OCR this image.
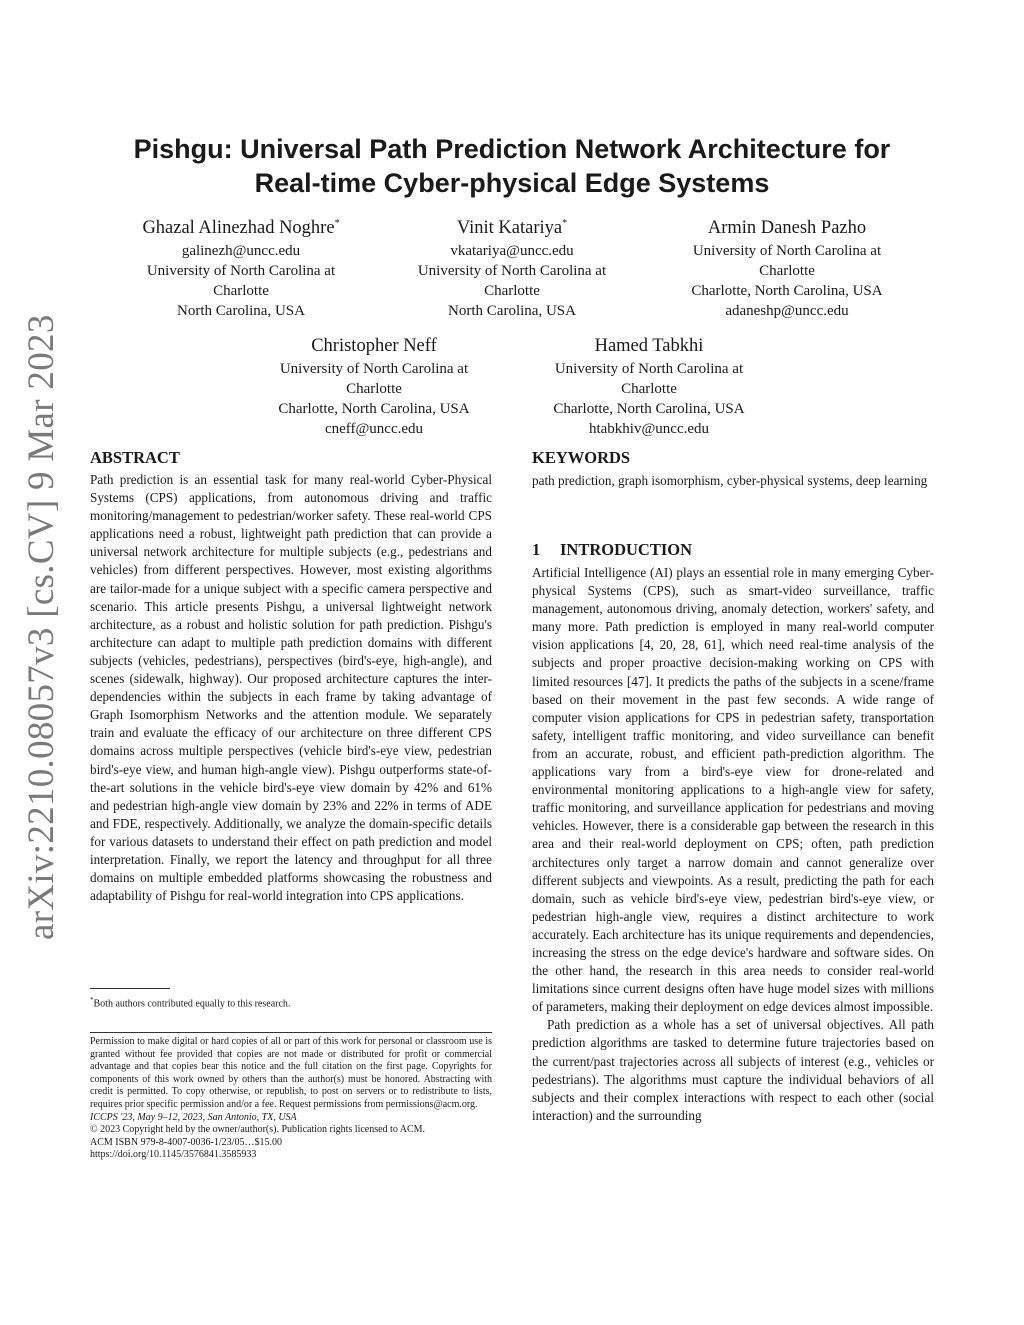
Pishgu: Universal Path Prediction Network Architecture for
Real-time Cyber-physical Edge Systems
Ghazal Alinezhad Noghre*
galinezh@uncc.edu
University of North Carolina at
Charlotte
North Carolina, USA
Vinit Katariya*
vkatariya@uncc.edu
University of North Carolina at
Charlotte
North Carolina, USA
Armin Danesh Pazho
University of North Carolina at
Charlotte
Charlotte, North Carolina, USA
adaneshp@uncc.edu
Christopher Neff
University of North Carolina at
Charlotte
Charlotte, North Carolina, USA
cneff@uncc.edu
Hamed Tabkhi
University of North Carolina at
Charlotte
Charlotte, North Carolina, USA
htabkhiv@uncc.edu
arXiv:2210.08057v3 [cs.CV] 9 Mar 2023	ABSTRACT

Path prediction is an essential task for many real-world Cyber-Physical Systems (CPS) applications, from autonomous driving and traffic monitoring/management to pedestrian/worker safety. These real-world CPS applications need a robust, lightweight path prediction that can provide a universal network architecture for multiple subjects (e.g., pedestrians and vehicles) from different perspectives. However, most existing algorithms are tailor-made for a unique subject with a specific camera perspective and scenario. This article presents Pishgu, a universal lightweight network architecture, as a robust and holistic solution for path prediction. Pishgu's architecture can adapt to multiple path prediction domains with different subjects (vehicles, pedestrians), perspectives (bird's-eye, high-angle), and scenes (sidewalk, highway). Our proposed architecture captures the inter-dependencies within the subjects in each frame by taking advantage of Graph Isomorphism Networks and the attention module. We separately train and evaluate the efficacy of our architecture on three different CPS domains across multiple perspectives (vehicle bird's-eye view, pedestrian bird's-eye view, and human high-angle view). Pishgu outperforms state-of-the-art solutions in the vehicle bird's-eye view domain by 42% and 61% and pedestrian high-angle view domain by 23% and 22% in terms of ADE and FDE, respectively. Additionally, we analyze the domain-specific details for various datasets to understand their effect on path prediction and model interpretation. Finally, we report the latency and throughput for all three domains on multiple embedded platforms showcasing the robustness and adaptability of Pishgu for real-world integration into CPS applications.

*Both authors contributed equally to this research.

Permission to make digital or hard copies of all or part of this work for personal or classroom use is granted without fee provided that copies are not made or distributed for profit or commercial advantage and that copies bear this notice and the full citation on the first page. Copyrights for components of this work owned by others than the author(s) must be honored. Abstracting with credit is permitted. To copy otherwise, or republish, to post on servers or to redistribute to lists, requires prior specific permission and/or a fee. Request permissions from permissions@acm.org.

ICCPS '23, May 9–12, 2023, San Antonio, TX, USA

© 2023 Copyright held by the owner/author(s). Publication rights licensed to ACM.

ACM ISBN 979-8-4007-0036-1/23/05…$15.00

https://doi.org/10.1145/3576841.3585933

KEYWORDS

path prediction, graph isomorphism, cyber-physical systems, deep learning

1 INTRODUCTION

Artificial Intelligence (AI) plays an essential role in many emerging Cyber-physical Systems (CPS), such as smart-video surveillance, traffic management, autonomous driving, anomaly detection, workers' safety, and many more. Path prediction is employed in many real-world computer vision applications [4, 20, 28, 61], which need real-time analysis of the subjects and proper proactive decision-making working on CPS with limited resources [47]. It predicts the paths of the subjects in a scene/frame based on their movement in the past few seconds. A wide range of computer vision applications for CPS in pedestrian safety, transportation safety, intelligent traffic monitoring, and video surveillance can benefit from an accurate, robust, and efficient path-prediction algorithm. The applications vary from a bird's-eye view for drone-related and environmental monitoring applications to a high-angle view for safety, traffic monitoring, and surveillance application for pedestrians and moving vehicles. However, there is a considerable gap between the research in this area and their real-world deployment on CPS; often, path prediction architectures only target a narrow domain and cannot generalize over different subjects and viewpoints. As a result, predicting the path for each domain, such as vehicle bird's-eye view, pedestrian bird's-eye view, or pedestrian high-angle view, requires a distinct architecture to work accurately. Each architecture has its unique requirements and dependencies, increasing the stress on the edge device's hardware and software sides. On the other hand, the research in this area needs to consider real-world limitations since current designs often have huge model sizes with millions of parameters, making their deployment on edge devices almost impossible.

Path prediction as a whole has a set of universal objectives. All path prediction algorithms are tasked to determine future trajectories based on the current/past trajectories across all subjects of interest (e.g., vehicles or pedestrians). The algorithms must capture the individual behaviors of all subjects and their complex interactions with respect to each other (social interaction) and the surrounding
